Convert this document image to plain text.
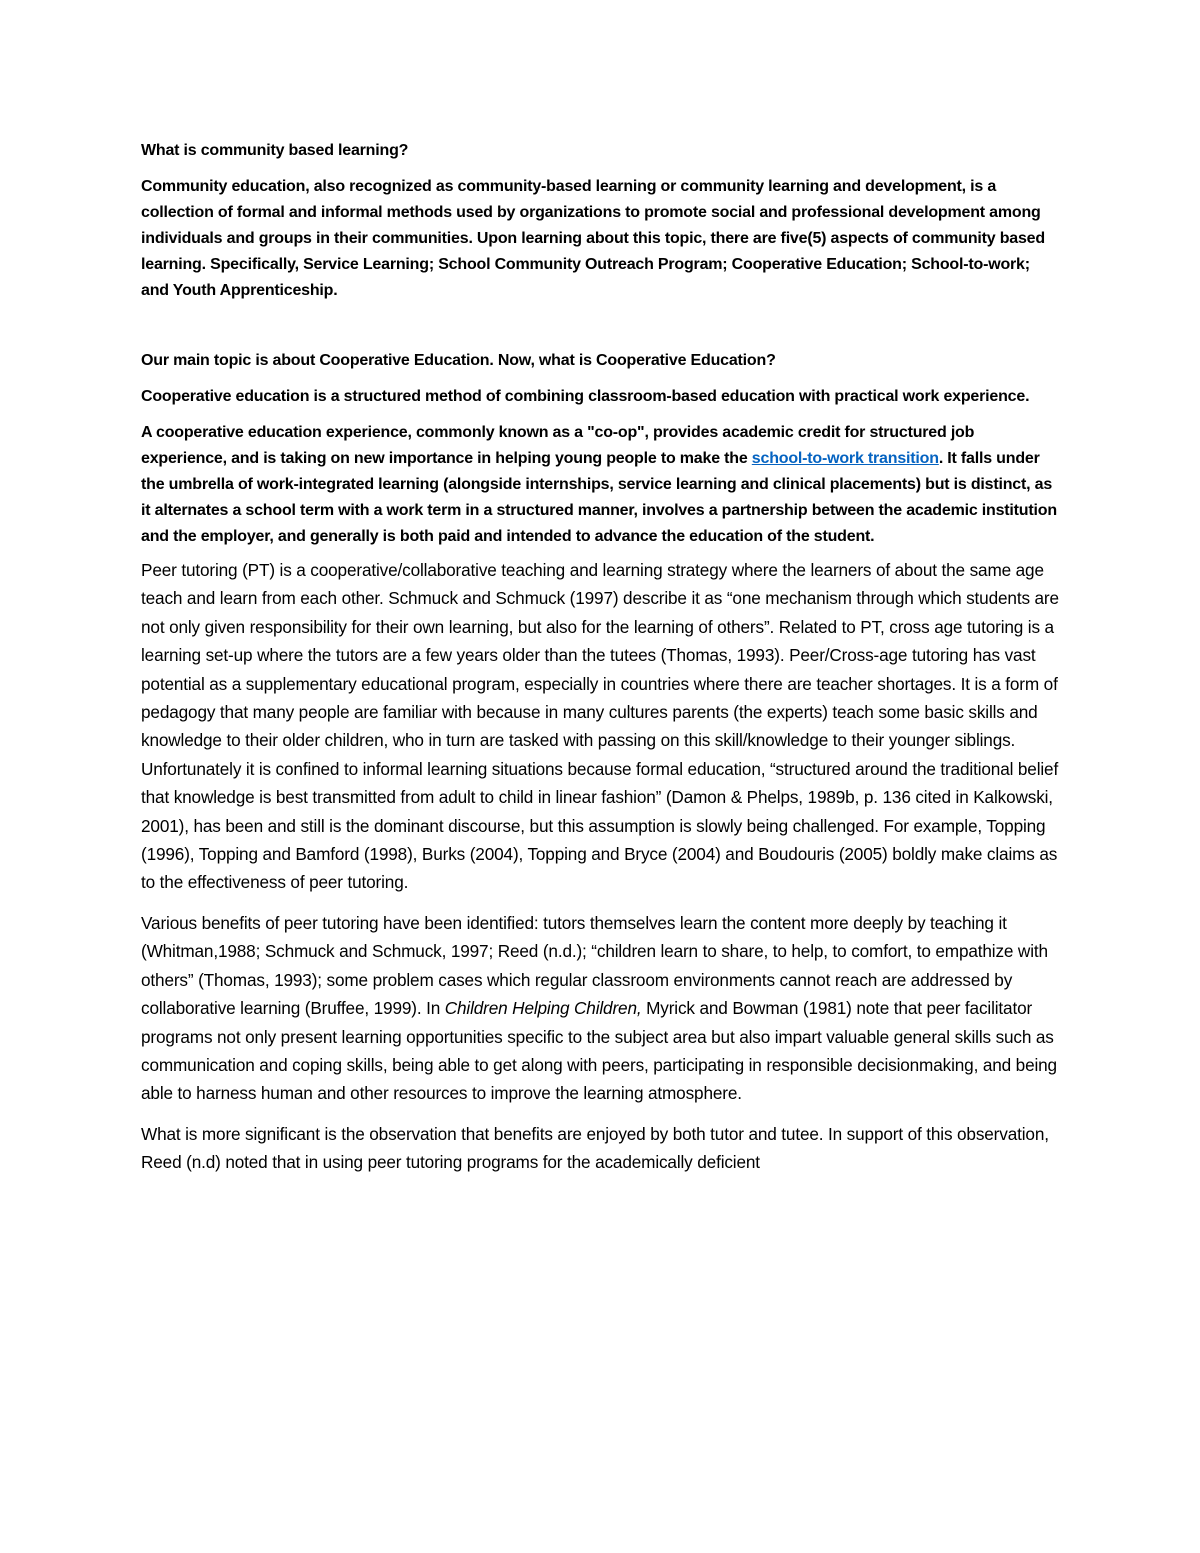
What is community based learning?

Community education, also recognized as community-based learning or community learning and development, is a collection of formal and informal methods used by organizations to promote social and professional development among individuals and groups in their communities. Upon learning about this topic, there are five(5) aspects of community based learning. Specifically, Service Learning; School Community Outreach Program; Cooperative Education; School-to-work; and Youth Apprenticeship.

Our main topic is about Cooperative Education. Now, what is Cooperative Education?

Cooperative education is a structured method of combining classroom-based education with practical work experience.

A cooperative education experience, commonly known as a "co-op", provides academic credit for structured job experience, and is taking on new importance in helping young people to make the school-to-work transition. It falls under the umbrella of work-integrated learning (alongside internships, service learning and clinical placements) but is distinct, as it alternates a school term with a work term in a structured manner, involves a partnership between the academic institution and the employer, and generally is both paid and intended to advance the education of the student.

Peer tutoring (PT) is a cooperative/collaborative teaching and learning strategy where the learners of about the same age teach and learn from each other. Schmuck and Schmuck (1997) describe it as “one mechanism through which students are not only given responsibility for their own learning, but also for the learning of others”. Related to PT, cross age tutoring is a learning set-up where the tutors are a few years older than the tutees (Thomas, 1993). Peer/Cross-age tutoring has vast potential as a supplementary educational program, especially in countries where there are teacher shortages. It is a form of pedagogy that many people are familiar with because in many cultures parents (the experts) teach some basic skills and knowledge to their older children, who in turn are tasked with passing on this skill/knowledge to their younger siblings. Unfortunately it is confined to informal learning situations because formal education, “structured around the traditional belief that knowledge is best transmitted from adult to child in linear fashion” (Damon & Phelps, 1989b, p. 136 cited in Kalkowski, 2001), has been and still is the dominant discourse, but this assumption is slowly being challenged. For example, Topping (1996), Topping and Bamford (1998), Burks (2004), Topping and Bryce (2004) and Boudouris (2005) boldly make claims as to the effectiveness of peer tutoring.

Various benefits of peer tutoring have been identified: tutors themselves learn the content more deeply by teaching it (Whitman,1988; Schmuck and Schmuck, 1997; Reed (n.d.); “children learn to share, to help, to comfort, to empathize with others” (Thomas, 1993); some problem cases which regular classroom environments cannot reach are addressed by collaborative learning (Bruffee, 1999). In Children Helping Children, Myrick and Bowman (1981) note that peer facilitator programs not only present learning opportunities specific to the subject area but also impart valuable general skills such as communication and coping skills, being able to get along with peers, participating in responsible decisionmaking, and being able to harness human and other resources to improve the learning atmosphere.

What is more significant is the observation that benefits are enjoyed by both tutor and tutee. In support of this observation, Reed (n.d) noted that in using peer tutoring programs for the academically deficient
